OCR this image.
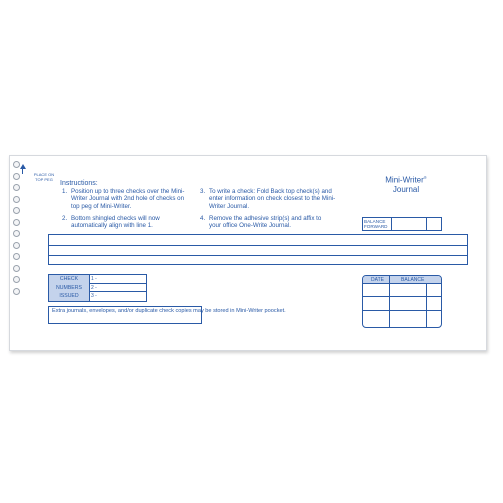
PLACE ON TOP PEG
Instructions:
1. Position up to three checks over the Mini-Writer Journal with 2nd hole of checks on top peg of Mini-Writer.
2. Bottom shingled checks will now automatically align with line 1.
3. To write a check: Fold Back top check(s) and enter information on check closest to the Mini-Writer Journal.
4. Remove the adhesive strip(s) and affix to your office One-Write Journal.
Mini-Writer®
Journal
BALANCE FORWARD
CHECK
NUMBERS
ISSUED
1 -
2 -
3 -
Extra journals, envelopes, and/or duplicate check copies may be stored in Mini-Writer poocket.
DATE	BALANCE
